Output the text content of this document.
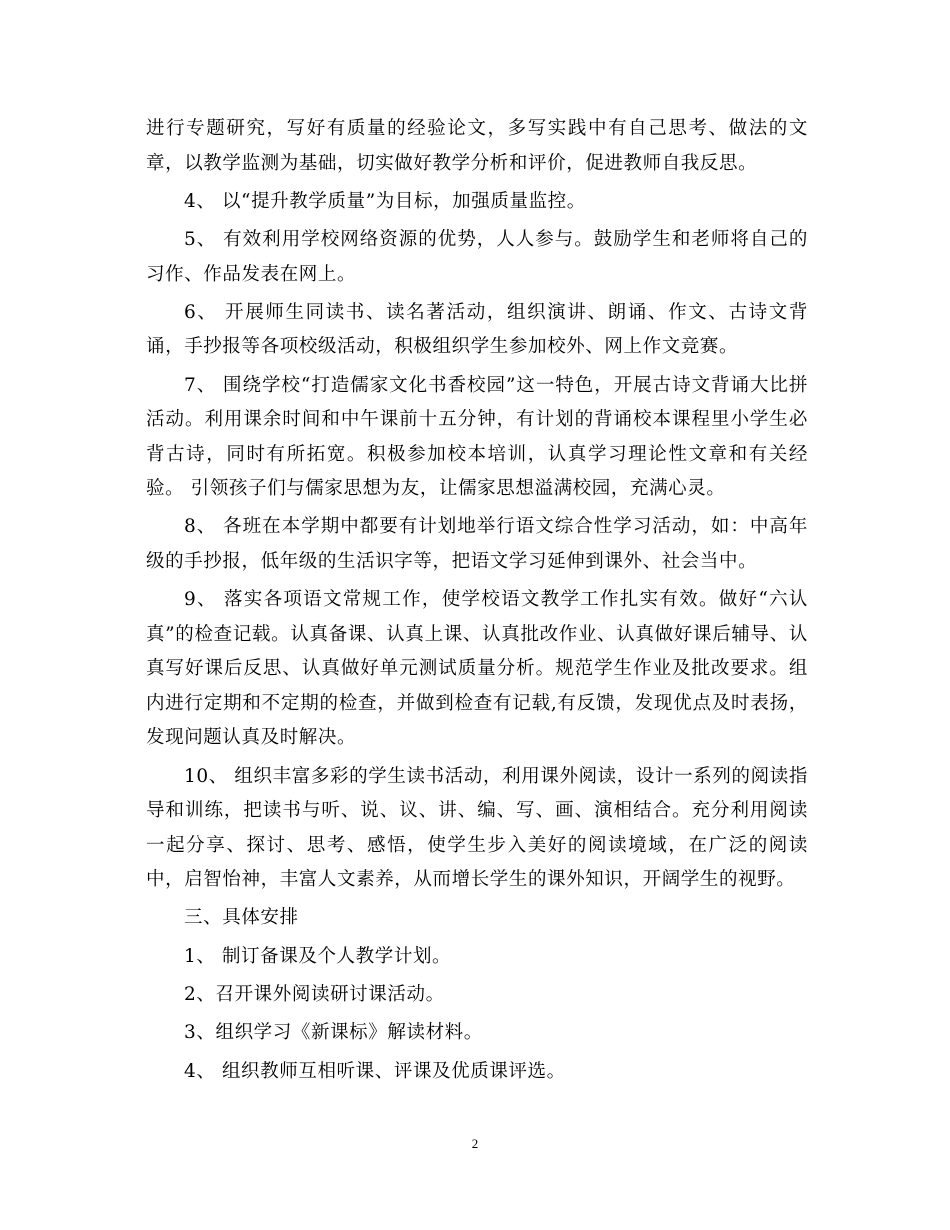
进行专题研究，写好有质量的经验论文，多写实践中有自己思考、做法的文章，以教学监测为基础，切实做好教学分析和评价，促进教师自我反思。

4、 以“提升教学质量”为目标，加强质量监控。

5、 有效利用学校网络资源的优势，人人参与。鼓励学生和老师将自己的习作、作品发表在网上。

6、 开展师生同读书、读名著活动，组织演讲、朗诵、作文、古诗文背诵，手抄报等各项校级活动，积极组织学生参加校外、网上作文竞赛。

7、 围绕学校“打造儒家文化书香校园”这一特色，开展古诗文背诵大比拼活动。利用课余时间和中午课前十五分钟，有计划的背诵校本课程里小学生必背古诗，同时有所拓宽。积极参加校本培训，认真学习理论性文章和有关经验。 引领孩子们与儒家思想为友，让儒家思想溢满校园，充满心灵。

8、 各班在本学期中都要有计划地举行语文综合性学习活动，如：中高年级的手抄报，低年级的生活识字等，把语文学习延伸到课外、社会当中。

9、 落实各项语文常规工作，使学校语文教学工作扎实有效。做好“六认真”的检查记载。认真备课、认真上课、认真批改作业、认真做好课后辅导、认真写好课后反思、认真做好单元测试质量分析。规范学生作业及批改要求。组内进行定期和不定期的检查，并做到检查有记载,有反馈，发现优点及时表扬，发现问题认真及时解决。

10、 组织丰富多彩的学生读书活动，利用课外阅读，设计一系列的阅读指导和训练，把读书与听、说、议、讲、编、写、画、演相结合。充分利用阅读一起分享、探讨、思考、感悟，使学生步入美好的阅读境域，在广泛的阅读中，启智怡神，丰富人文素养，从而增长学生的课外知识，开阔学生的视野。

三、具体安排

1、 制订备课及个人教学计划。

2、召开课外阅读研讨课活动。

3、组织学习《新课标》解读材料。

4、 组织教师互相听课、评课及优质课评选。

2
